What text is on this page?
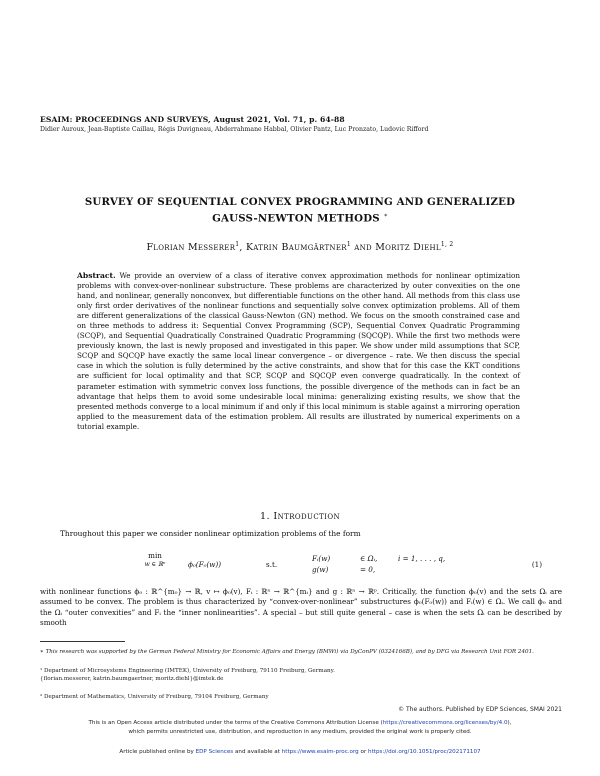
ESAIM: PROCEEDINGS AND SURVEYS, August 2021, Vol. 71, p. 64-88
Didier Auroux, Jean-Baptiste Caillau, Régis Duvigneau, Abderrahmane Habbal, Olivier Pantz, Luc Pronzato, Ludovic Rifford
SURVEY OF SEQUENTIAL CONVEX PROGRAMMING AND GENERALIZED
GAUSS-NEWTON METHODS ∗
Florian Messerer$^1$, Katrin Baumgärtner$^1$ and Moritz Diehl$^{1, 2}$
Abstract. We provide an overview of a class of iterative convex approximation methods for nonlinear optimization problems with convex-over-nonlinear substructure. These problems are characterized by outer convexities on the one hand, and nonlinear, generally nonconvex, but differentiable functions on the other hand. All methods from this class use only first order derivatives of the nonlinear functions and sequentially solve convex optimization problems. All of them are different generalizations of the classical Gauss-Newton (GN) method. We focus on the smooth constrained case and on three methods to address it: Sequential Convex Programming (SCP), Sequential Convex Quadratic Programming (SCQP), and Sequential Quadratically Constrained Quadratic Programming (SQCQP). While the first two methods were previously known, the last is newly proposed and investigated in this paper. We show under mild assumptions that SCP, SCQP and SQCQP have exactly the same local linear convergence – or divergence – rate. We then discuss the special case in which the solution is fully determined by the active constraints, and show that for this case the KKT conditions are sufficient for local optimality and that SCP, SCQP and SQCQP even converge quadratically. In the context of parameter estimation with symmetric convex loss functions, the possible divergence of the methods can in fact be an advantage that helps them to avoid some undesirable local minima: generalizing existing results, we show that the presented methods converge to a local minimum if and only if this local minimum is stable against a mirroring operation applied to the measurement data of the estimation problem. All results are illustrated by numerical experiments on a tutorial example.
1. Introduction
Throughout this paper we consider nonlinear optimization problems of the form
min
w ∈ ℝⁿ	ϕ₀(F₀(w))	s.t.
Fᵢ(w)
g(w)
∈ Ωᵢ,
= 0,
i = 1, . . . , q,
(1)
with nonlinear functions ϕ₀ : ℝ^{m₀} → ℝ, v ↦ ϕ₀(v), Fᵢ : ℝⁿ → ℝ^{mᵢ} and g : ℝⁿ → ℝᵖ. Critically, the function ϕ₀(v) and the sets Ωᵢ are assumed to be convex. The problem is thus characterized by “convex-over-nonlinear” substructures ϕ₀(F₀(w)) and Fᵢ(w) ∈ Ωᵢ. We call ϕ₀ and the Ωᵢ “outer convexities” and Fᵢ the “inner nonlinearities”. A special – but still quite general – case is when the sets Ωᵢ can be described by smooth
∗ This research was supported by the German Federal Ministry for Economic Affairs and Energy (BMWi) via DyConPV (0324166B), and by DFG via Research Unit FOR 2401.
¹ Department of Microsystems Engineering (IMTEK), University of Freiburg, 79110 Freiburg, Germany.
{florian.messerer, katrin.baumgaertner, moritz.diehl}@imtek.de
² Department of Mathematics, University of Freiburg, 79104 Freiburg, Germany
© The authors. Published by EDP Sciences, SMAI 2021
This is an Open Access article distributed under the terms of the Creative Commons Attribution License (https://creativecommons.org/licenses/by/4.0),
which permits unrestricted use, distribution, and reproduction in any medium, provided the original work is properly cited.
Article published online by EDP Sciences and available at https://www.esaim-proc.org or https://doi.org/10.1051/proc/202171107
